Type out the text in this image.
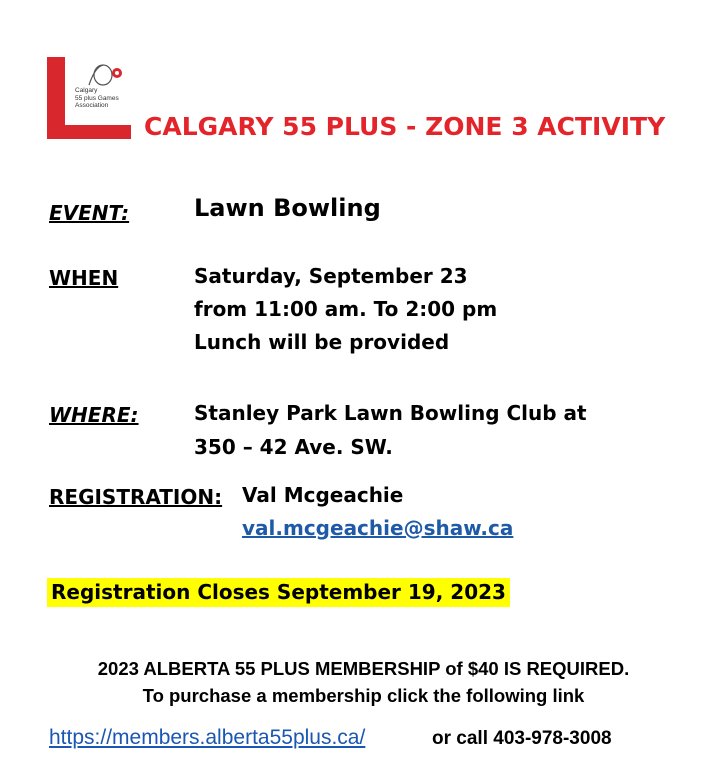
Calgary
55 plus Games
Association
CALGARY 55 PLUS - ZONE 3 ACTIVITY
EVENT:	Lawn Bowling
WHEN	Saturday, September 23
from 11:00 am. To 2:00 pm
Lunch will be provided
WHERE:	Stanley Park Lawn Bowling Club at
350 – 42 Ave. SW.
REGISTRATION: Val Mcgeachie
val.mcgeachie@shaw.ca
Registration Closes September 19, 2023
2023 ALBERTA 55 PLUS MEMBERSHIP of $40 IS REQUIRED.
To purchase a membership click the following link
https://members.alberta55plus.ca/	or call 403-978-3008
